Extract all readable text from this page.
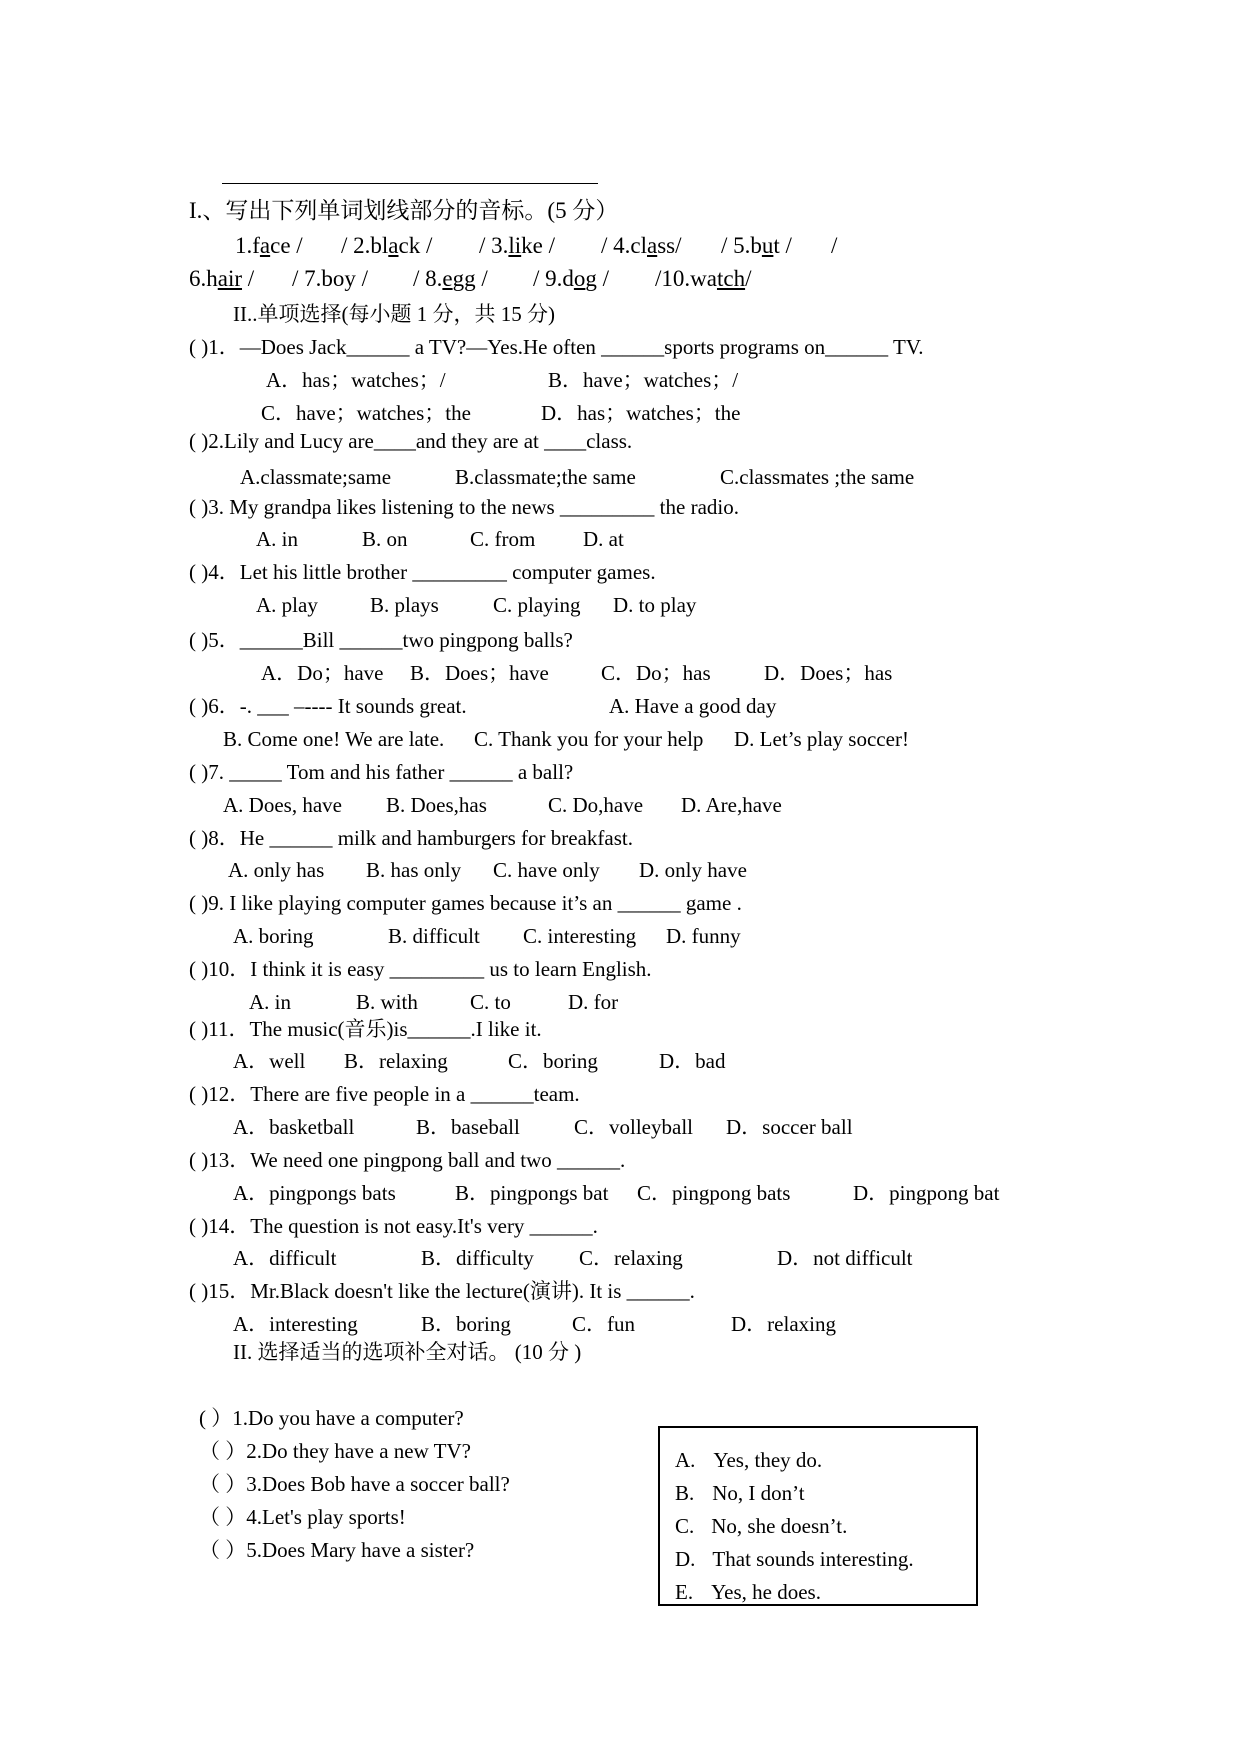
I.、写出下列单词划线部分的音标。(5 分）
1.face / / 2.black / / 3.like / / 4.class/ / 5.but / /
6.hair / / 7.boy / / 8.egg / / 9.dog / /10.watch/
II..单项选择(每小题 1 分，共 15 分)
( )1．—Does Jack______ a TV?—Yes.He often ______sports programs on______ TV.
A．has；watches；/	B．have；watches；/
C．have；watches；the	D．has；watches；the
( )2.Lily and Lucy are____and they are at ____class.
A.classmate;same	B.classmate;the same	C.classmates ;the same
( )3. My grandpa likes listening to the news _________ the radio.
A. in	B. on	C. from D. at
( )4．Let his little brother _________ computer games.
A. play B. plays	C. playing D. to play
( )5．______Bill ______two pingpong balls?
A．Do；have B．Does；have C．Do；has	D．Does；has
( )6．-. ___ –---- It sounds great.	A. Have a good day
B. Come one! We are late. C. Thank you for your help D. Let’s play soccer!
( )7. _____ Tom and his father ______ a ball?
A. Does, have B. Does,has	C. Do,have D. Are,have
( )8．He ______ milk and hamburgers for breakfast.
A. only has B. has only C. have only D. only have
( )9. I like playing computer games because it’s an ______ game .
A. boring	B. difficult C. interesting D. funny
( )10．I think it is easy _________ us to learn English.
A. in	B. with C. to	D. for
( )11．The music(音乐)is______.I like it.
A．well B．relaxing	C．boring	D．bad
( )12．There are five people in a ______team.
A．basketball	B．baseball	C．volleyball D．soccer ball
( )13．We need one pingpong ball and two ______.
A．pingpongs bats	B．pingpongs bat C．pingpong bats	D．pingpong bat
( )14．The question is not easy.It's very ______.
A．difficult	B．difficulty C．relaxing	D．not difficult
( )15．Mr.Black doesn't like the lecture(演讲). It is ______.
A．interesting	B．boring	C．fun	D．relaxing
II. 选择适当的选项补全对话。 (10 分 )
( ）1.Do you have a computer?
（ ）2.Do they have a new TV?
（ ）3.Does Bob have a soccer ball?
（ ）4.Let's play sports!
（ ）5.Does Mary have a sister?
A. Yes, they do.
B. No, I don’t
C. No, she doesn’t.
D. That sounds interesting.
E. Yes, he does.
